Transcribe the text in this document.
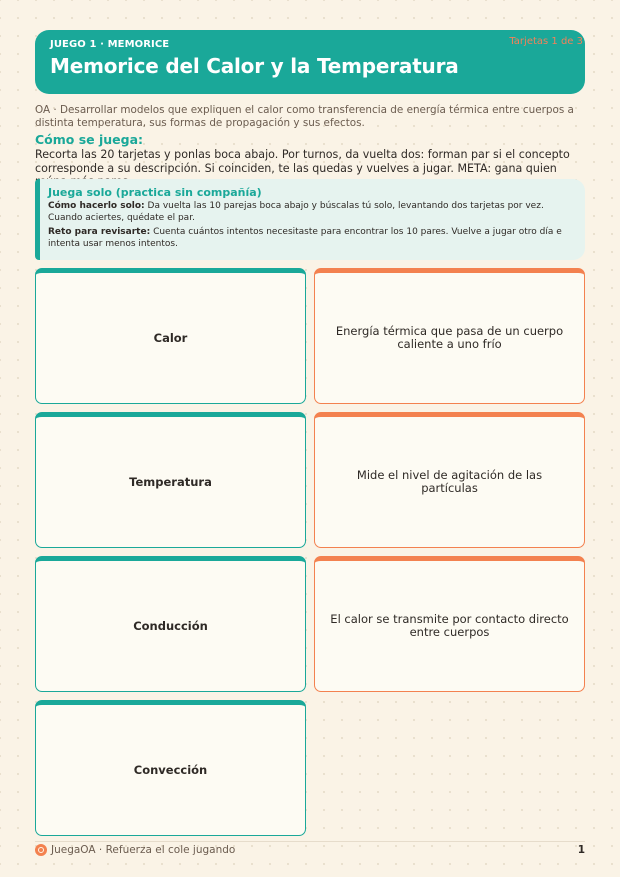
JUEGO 1 · MEMORICE
Memorice del Calor y la Temperatura
Tarjetas 1 de 3
OA · Desarrollar modelos que expliquen el calor como transferencia de energía térmica entre cuerpos a distinta temperatura, sus formas de propagación y sus efectos.
Cómo se juega:
Recorta las 20 tarjetas y ponlas boca abajo. Por turnos, da vuelta dos: forman par si el concepto corresponde a su descripción. Si coinciden, te las quedas y vuelves a jugar. META: gana quien
Juega solo (practica sin compañía)

Cómo hacerlo solo: Da vuelta las 10 parejas boca abajo y búscalas tú solo, levantando dos tarjetas por vez. Cuando aciertes, quédate el par.

Reto para revisarte: Cuenta cuántos intentos necesitaste para encontrar los 10 pares. Vuelve a jugar otro día e intenta usar menos intentos.

Calor	Energía térmica que pasa de un cuerpo caliente a uno frío
Temperatura	Mide el nivel de agitación de las partículas
Conducción	El calor se transmite por contacto directo entre cuerpos
Convección
JuegaOA · Refuerza el cole jugando	1
